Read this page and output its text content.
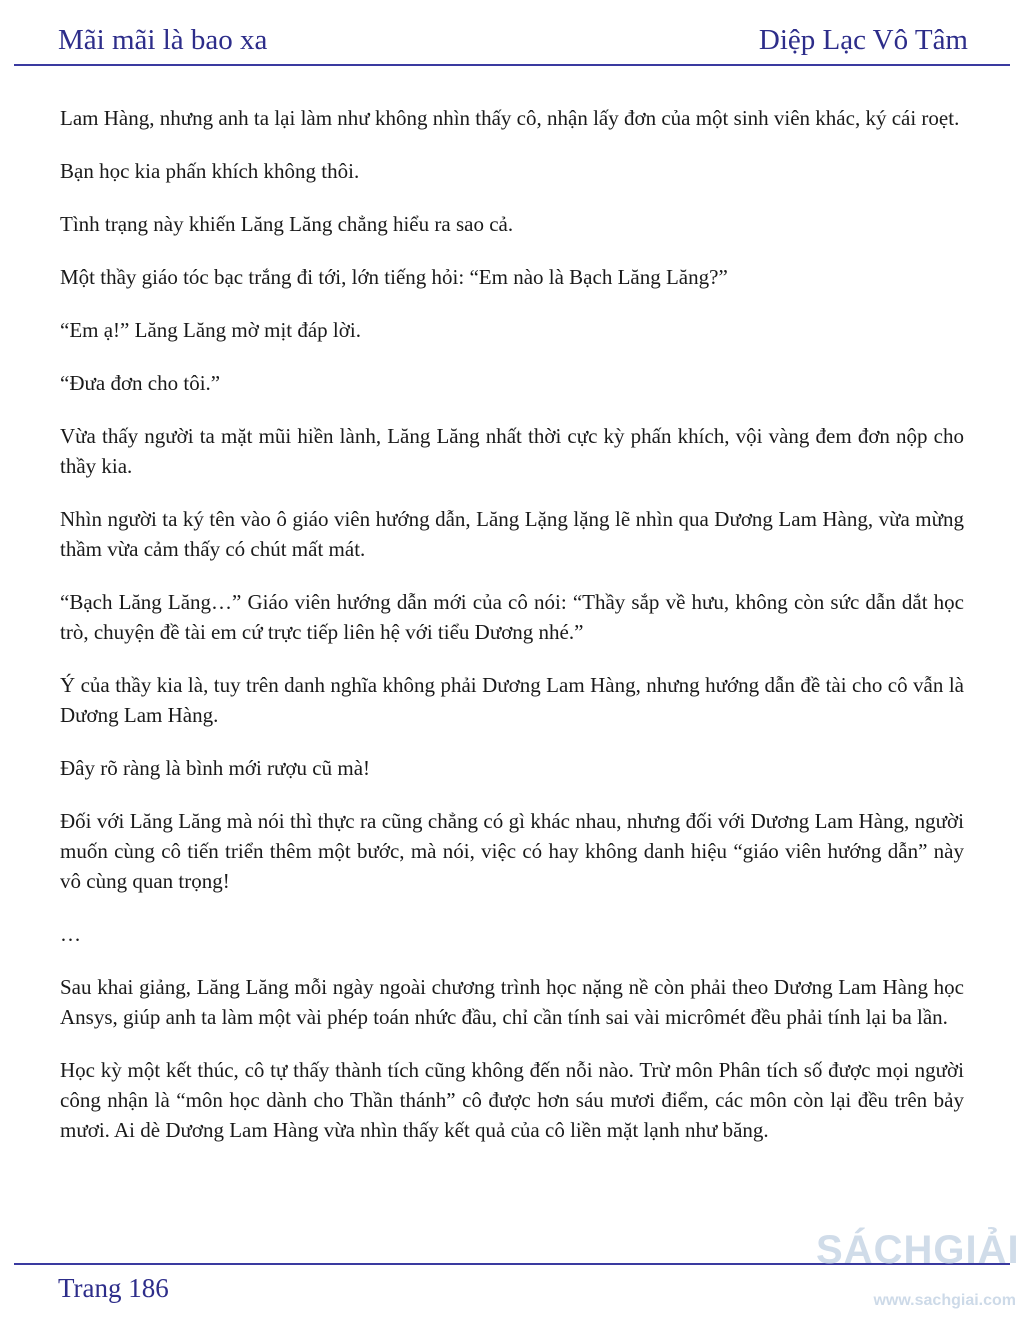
Mãi mãi là bao xa	Diệp Lạc Vô Tâm

Lam Hàng, nhưng anh ta lại làm như không nhìn thấy cô, nhận lấy đơn của một sinh viên khác, ký cái roẹt.

Bạn học kia phấn khích không thôi.

Tình trạng này khiến Lăng Lăng chẳng hiểu ra sao cả.

Một thầy giáo tóc bạc trắng đi tới, lớn tiếng hỏi: “Em nào là Bạch Lăng Lăng?”

“Em ạ!” Lăng Lăng mờ mịt đáp lời.

“Đưa đơn cho tôi.”

Vừa thấy người ta mặt mũi hiền lành, Lăng Lăng nhất thời cực kỳ phấn khích, vội vàng đem đơn nộp cho thầy kia.

Nhìn người ta ký tên vào ô giáo viên hướng dẫn, Lăng Lặng lặng lẽ nhìn qua Dương Lam Hàng, vừa mừng thầm vừa cảm thấy có chút mất mát.

“Bạch Lăng Lăng…” Giáo viên hướng dẫn mới của cô nói: “Thầy sắp về hưu, không còn sức dẫn dắt học trò, chuyện đề tài em cứ trực tiếp liên hệ với tiểu Dương nhé.”

Ý của thầy kia là, tuy trên danh nghĩa không phải Dương Lam Hàng, nhưng hướng dẫn đề tài cho cô vẫn là Dương Lam Hàng.

Đây rõ ràng là bình mới rượu cũ mà!

Đối với Lăng Lăng mà nói thì thực ra cũng chẳng có gì khác nhau, nhưng đối với Dương Lam Hàng, người muốn cùng cô tiến triển thêm một bước, mà nói, việc có hay không danh hiệu “giáo viên hướng dẫn” này vô cùng quan trọng!

…

Sau khai giảng, Lăng Lăng mỗi ngày ngoài chương trình học nặng nề còn phải theo Dương Lam Hàng học Ansys, giúp anh ta làm một vài phép toán nhức đầu, chỉ cần tính sai vài micrômét đều phải tính lại ba lần.

Học kỳ một kết thúc, cô tự thấy thành tích cũng không đến nỗi nào. Trừ môn Phân tích số được mọi người công nhận là “môn học dành cho Thần thánh” cô được hơn sáu mươi điểm, các môn còn lại đều trên bảy mươi. Ai dè Dương Lam Hàng vừa nhìn thấy kết quả của cô liền mặt lạnh như băng.

Trang 186
SÁCHGIẢI
www.sachgiai.com
